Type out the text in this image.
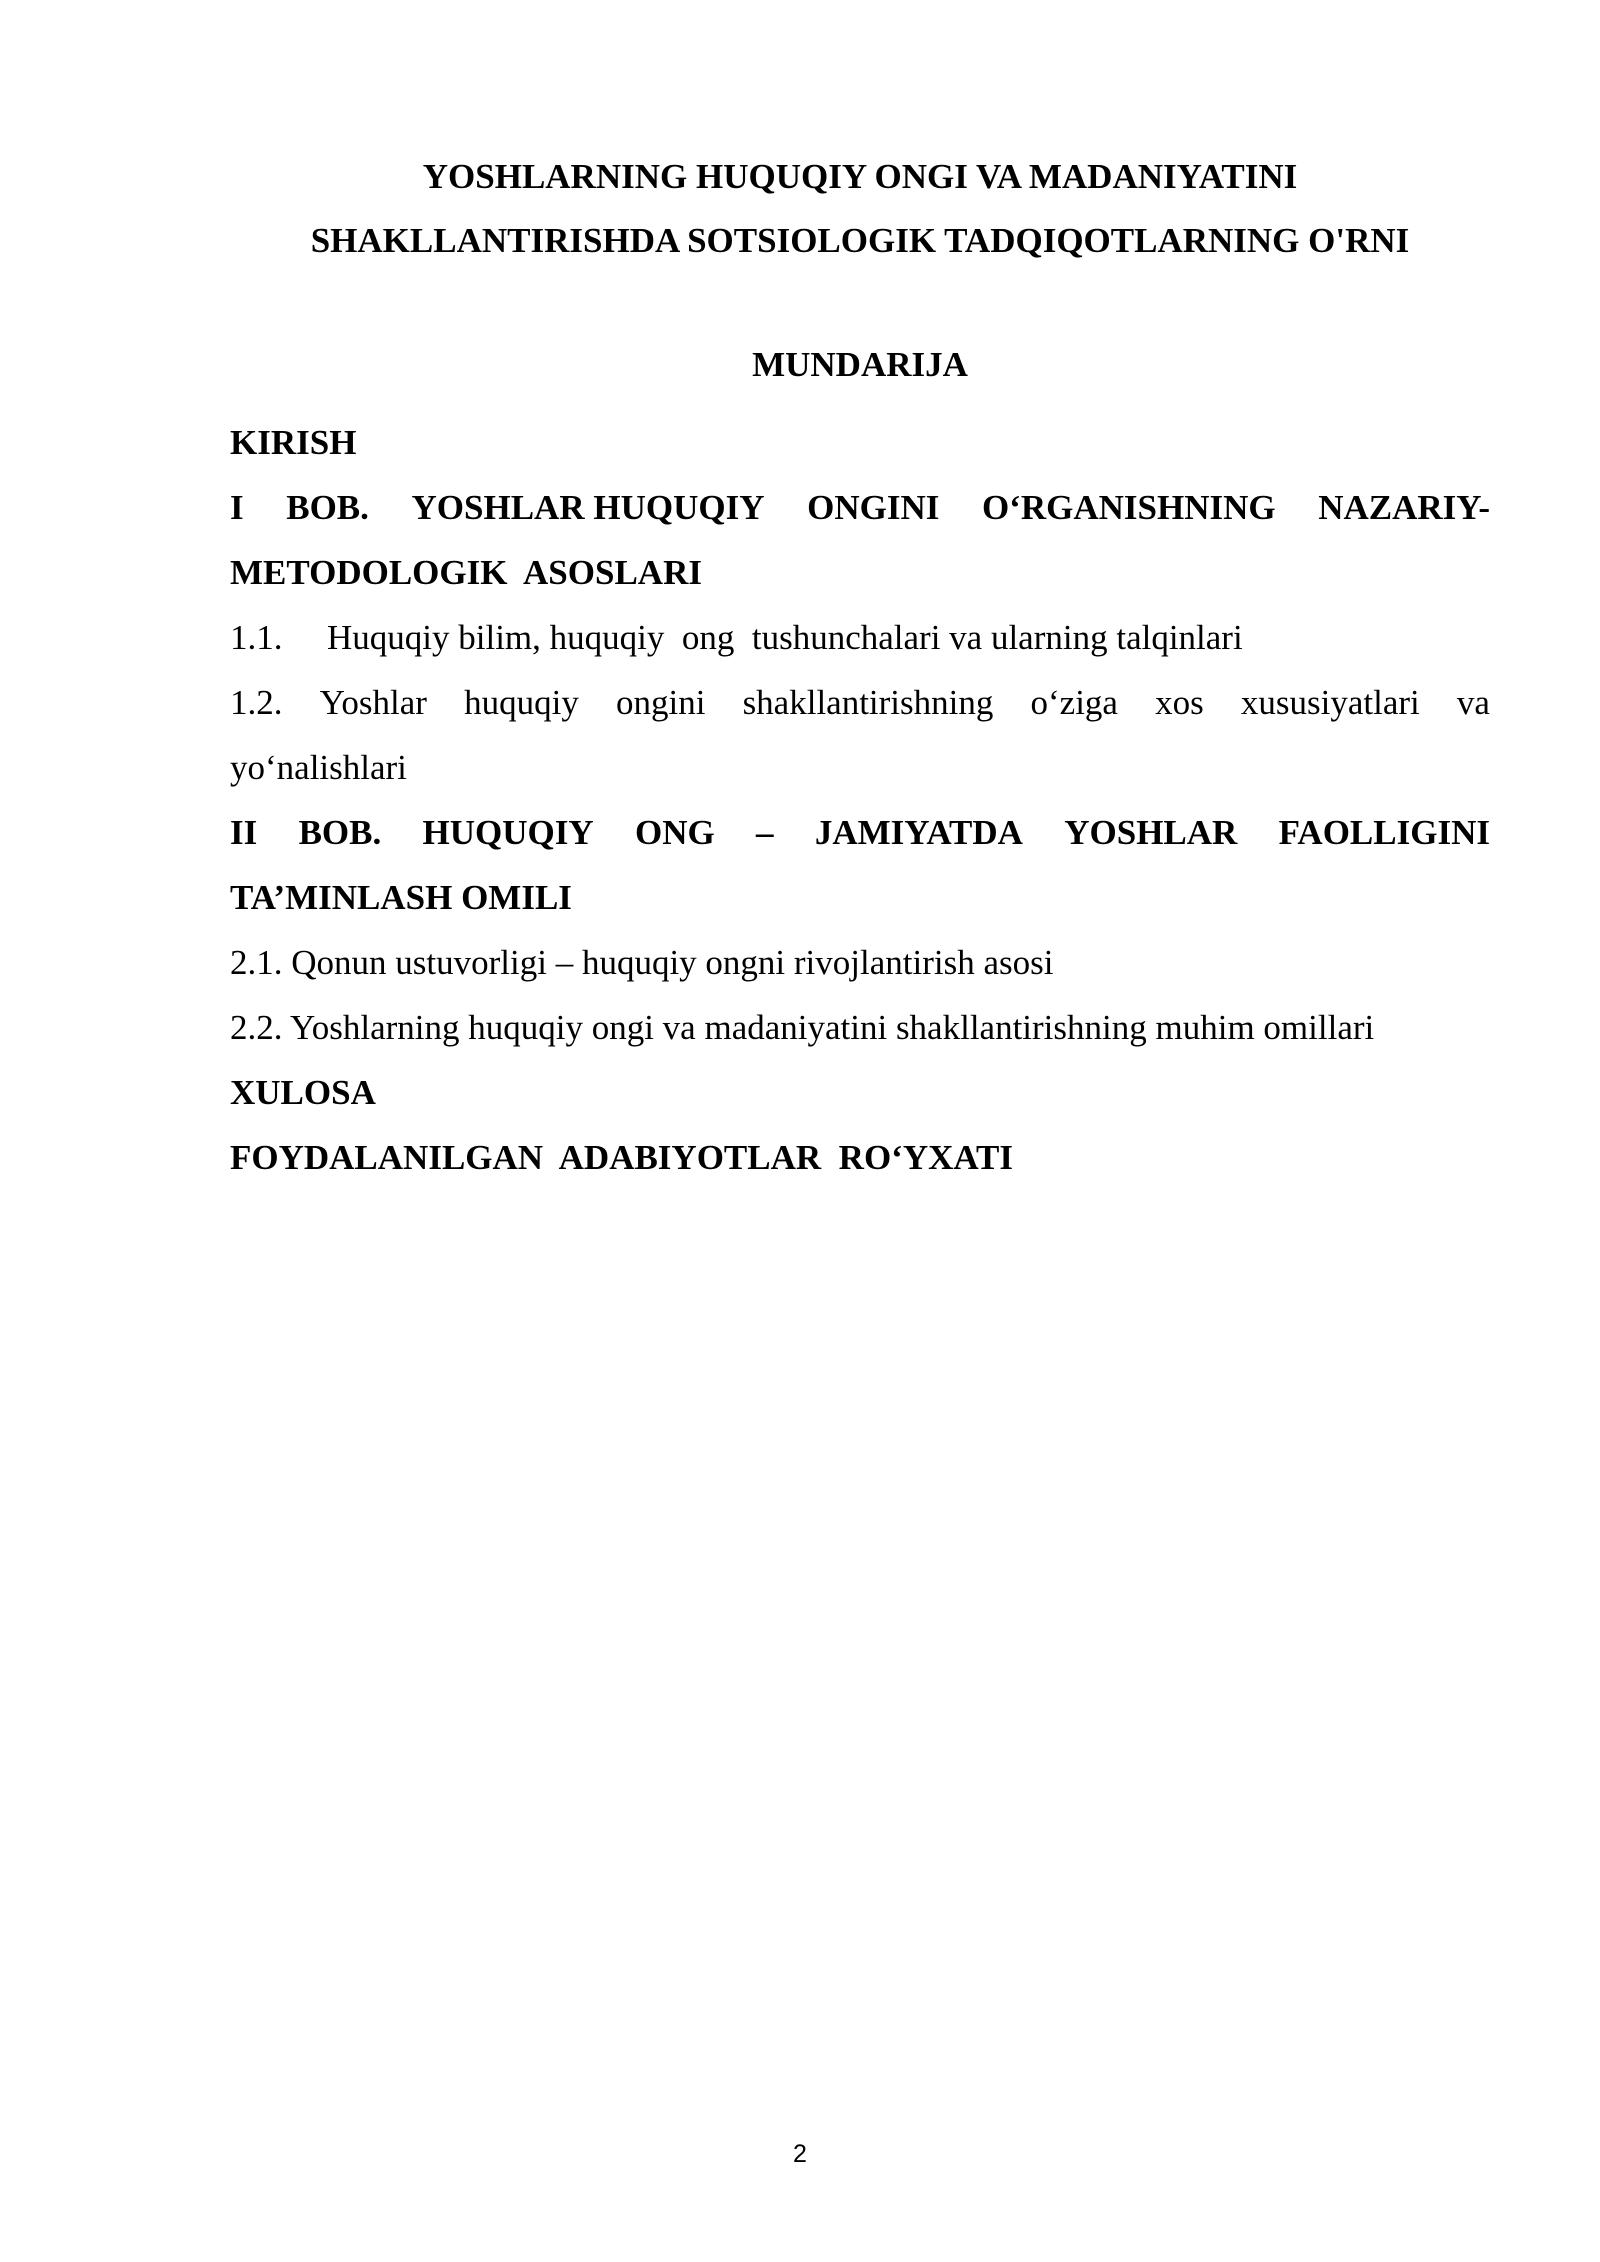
YOSHLARNING HUQUQIY ONGI VA MADANIYATINI
SHAKLLANTIRISHDA SOTSIOLOGIK TADQIQOTLARNING O'RNI
MUNDARIJA
KIRISH
I BOB. YOSHLAR HUQUQIY ONGINI O‘RGANISHNING NAZARIY-
METODOLOGIK  ASOSLARI
1.1. Huquqiy bilim, huquqiy  ong  tushunchalari va ularning talqinlari
1.2. Yoshlar huquqiy ongini shakllantirishning o‘ziga xos xususiyatlari va
yo‘nalishlari
II BOB. HUQUQIY ONG – JAMIYATDA YOSHLAR FAOLLIGINI
TA’MINLASH OMILI
2.1. Qonun ustuvorligi – huquqiy ongni rivojlantirish asosi
2.2. Yoshlarning huquqiy ongi va madaniyatini shakllantirishning muhim omillari
XULOSA
FOYDALANILGAN  ADABIYOTLAR  RO‘YXATI
2
